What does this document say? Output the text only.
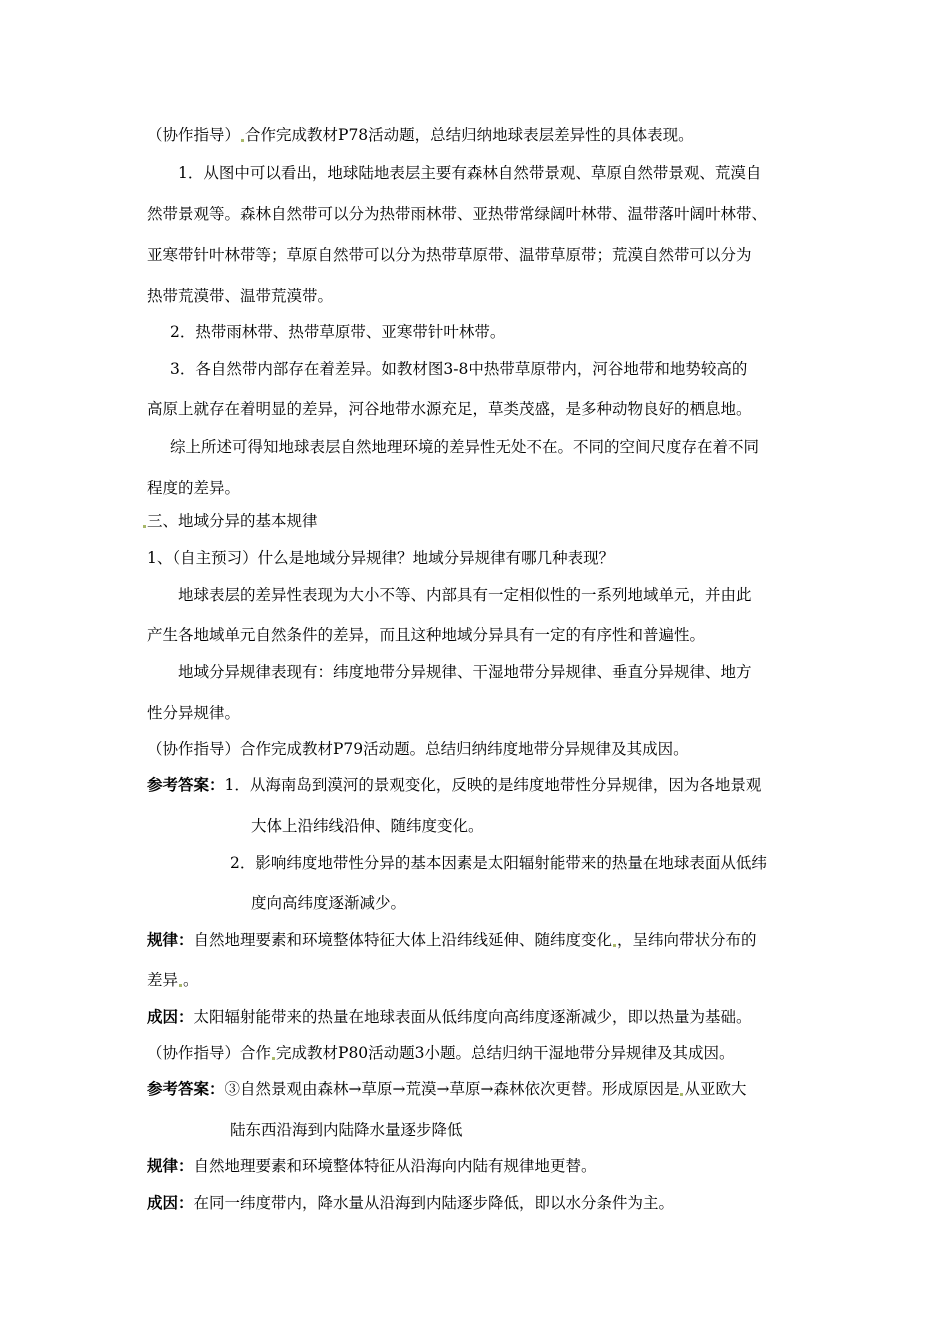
（协作指导） 合作完成教材P78活动题，总结归纳地球表层差异性的具体表现。
1．从图中可以看出，地球陆地表层主要有森林自然带景观、草原自然带景观、荒漠自
然带景观等。森林自然带可以分为热带雨林带、亚热带常绿阔叶林带、温带落叶阔叶林带、
亚寒带针叶林带等；草原自然带可以分为热带草原带、温带草原带；荒漠自然带可以分为
热带荒漠带、温带荒漠带。
2．热带雨林带、热带草原带、亚寒带针叶林带。
3．各自然带内部存在着差异。如教材图3-8中热带草原带内，河谷地带和地势较高的
高原上就存在着明显的差异，河谷地带水源充足，草类茂盛，是多种动物良好的栖息地。
综上所述可得知地球表层自然地理环境的差异性无处不在。不同的空间尺度存在着不同
程度的差异。
三、地域分异的基本规律
1、（自主预习）什么是地域分异规律？地域分异规律有哪几种表现？
地球表层的差异性表现为大小不等、内部具有一定相似性的一系列地域单元，并由此
产生各地域单元自然条件的差异，而且这种地域分异具有一定的有序性和普遍性。
地域分异规律表现有：纬度地带分异规律、干湿地带分异规律、垂直分异规律、地方
性分异规律。
（协作指导）合作完成教材P79活动题。总结归纳纬度地带分异规律及其成因。
参考答案：1．从海南岛到漠河的景观变化，反映的是纬度地带性分异规律，因为各地景观
大体上沿纬线沿伸、随纬度变化。
2．影响纬度地带性分异的基本因素是太阳辐射能带来的热量在地球表面从低纬
度向高纬度逐渐减少。
规律：自然地理要素和环境整体特征大体上沿纬线延伸、随纬度变化 ，呈纬向带状分布的
差异 。
成因：太阳辐射能带来的热量在地球表面从低纬度向高纬度逐渐减少，即以热量为基础。
（协作指导）合作 完成教材P80活动题3小题。总结归纳干湿地带分异规律及其成因。
参考答案：③自然景观由森林→草原→荒漠→草原→森林依次更替。形成原因是 从亚欧大
陆东西沿海到内陆降水量逐步降低
规律：自然地理要素和环境整体特征从沿海向内陆有规律地更替。
成因：在同一纬度带内，降水量从沿海到内陆逐步降低，即以水分条件为主。
